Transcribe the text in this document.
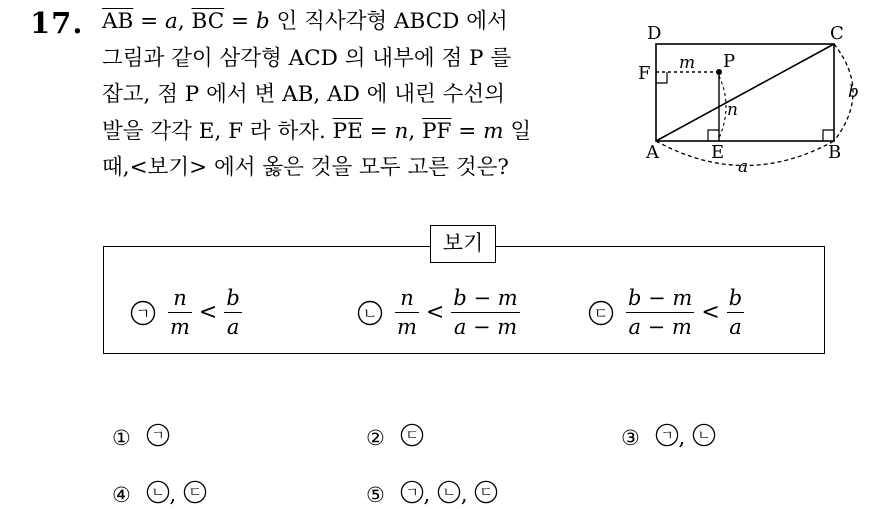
17. $\overline{AB} = a$, $\overline{BC} = b$ 인 직사각형 ABCD 에서
그림과 같이 삼각형 ACD 의 내부에 점 P 를
잡고, 점 P 에서 변 AB, AD 에 내린 수선의
발을 각각 E, F 라 하자. $\overline{PE} = n$, $\overline{PF} = m$ 일
때,<보기> 에서 옳은 것을 모두 고른 것은?
D	C
F
P
A	E	B
m
n
a
b
보기
ㄱ $\frac{n}{m} < \frac{b}{a}$	ㄴ $\frac{n}{m} < \frac{b - m}{a - m}$	ㄷ $\frac{b - m}{a - m} < \frac{b}{a}$
① ㄱ	② ㄷ	③ ㄱ , ㄴ
④ ㄴ , ㄷ	⑤ ㄱ , ㄴ , ㄷ
